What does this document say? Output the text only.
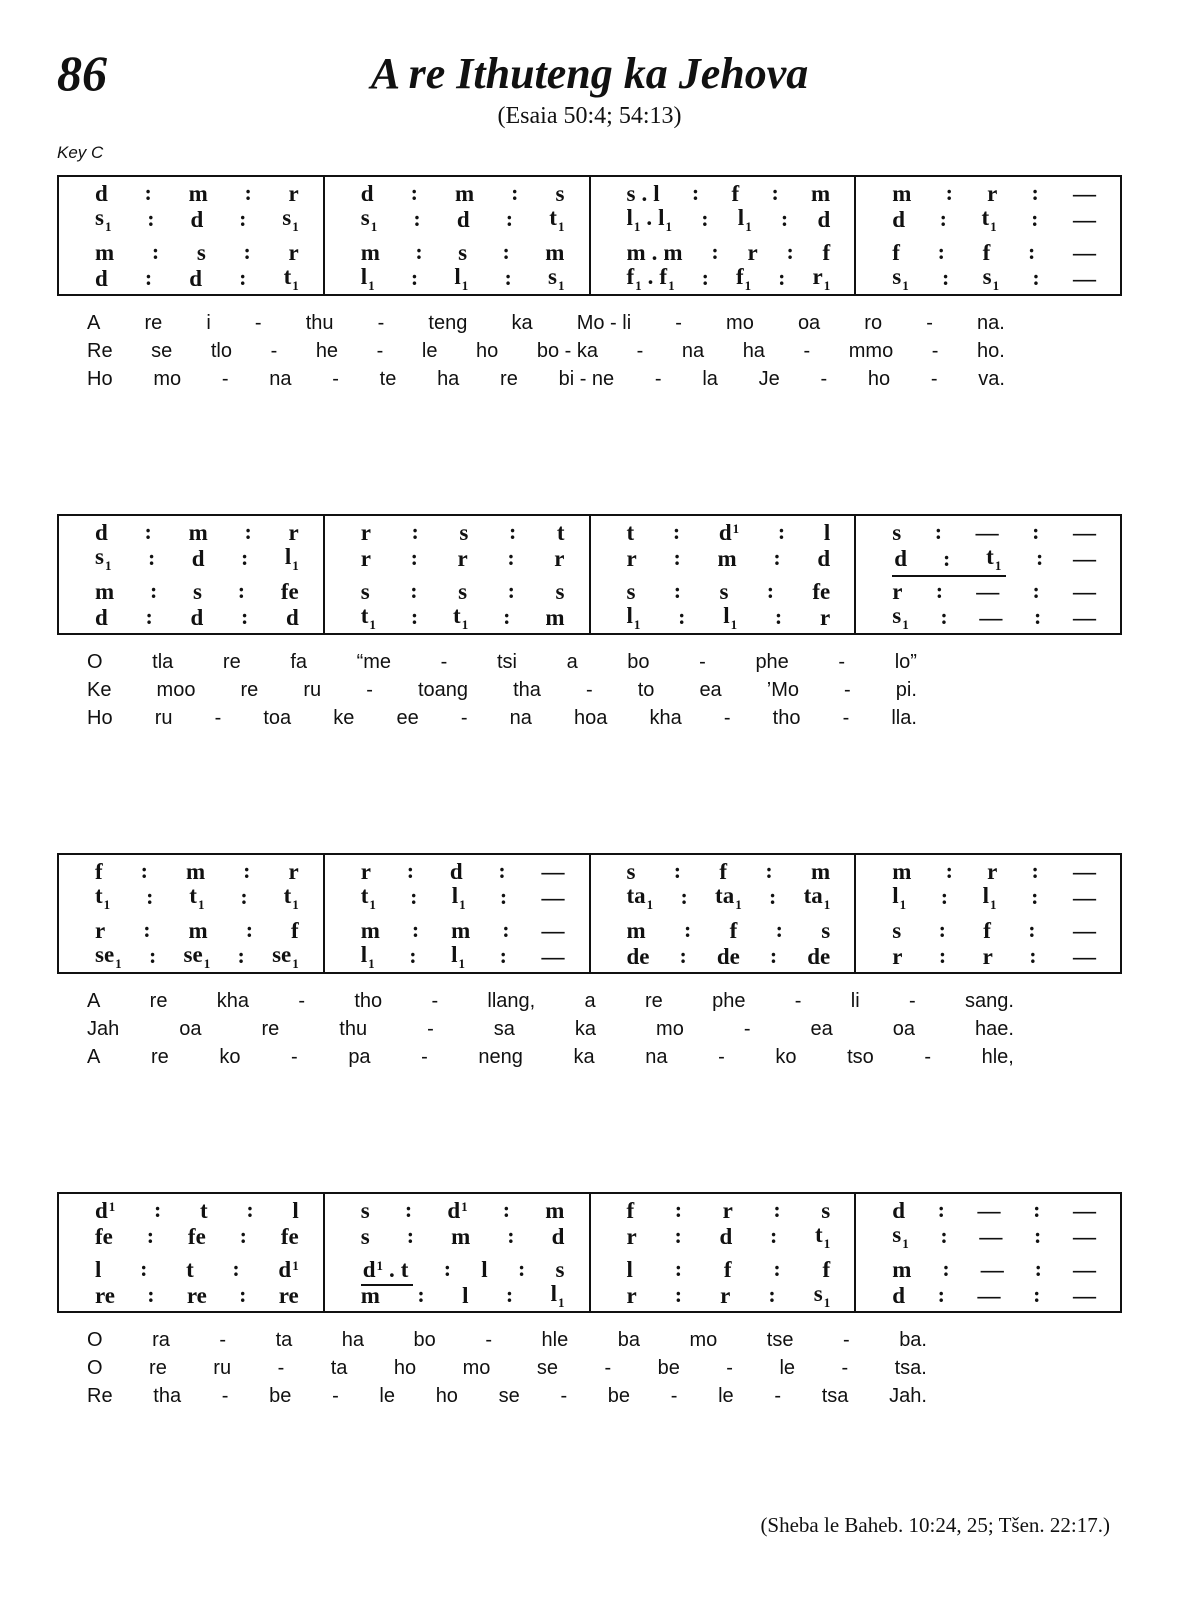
86	A re Ithuteng ka Jehova
(Esaia 50:4; 54:13)
Key C
d : m : r
$s_1$ : d : $s_1$
m : s : r
d : d : $t_1$
d : m : s
$s_1$ : d : $t_1$
m : s : m
$l_1$ : $l_1$ : $s_1$
s . l : f : m
$l_1$ . $l_1$ : $l_1$ : d
m . m : r : f
$f_1$ . $f_1$ : $f_1$ : $r_1$
m : r : —
d : $t_1$ : —
f : f : —
$s_1$ : $s_1$ : —
A re i - thu - teng ka Mo - li - mo oa ro - na.
Re se tlo - he - le ho bo - ka - na ha - mmo - ho.
Ho mo - na - te ha re bi - ne - la Je - ho - va.
d : m : r
$s_1$ : d : $l_1$
m : s : fe
d : d : d
r : s : t
r : r : r
s : s : s
$t_1$ : $t_1$ : m
t : $d^1$ : l
r : m : d
s : s : fe
$l_1$ : $l_1$ : r
s : — : —
d : $t_1$ : —
r : — : —
$s_1$ : — : —
O tla re fa “me - tsi a bo - phe - lo”
Ke moo re ru - toang tha - to ea ’Mo - pi.
Ho ru - toa ke ee - na hoa kha - tho - lla.
f : m : r
$t_1$ : $t_1$ : $t_1$
r : m : f
$se_1$ : $se_1$ : $se_1$
r : d : —
$t_1$ : $l_1$ : —
m : m : —
$l_1$ : $l_1$ : —
s : f : m
$ta_1$ : $ta_1$ : $ta_1$
m : f : s
de : de : de
m : r : —
$l_1$ : $l_1$ : —
s : f : —
r : r : —
A re kha - tho - llang, a re phe - li - sang.
Jah	oa	re	thu	-	sa	ka	mo	-	ea	oa	hae.
A	re	ko	-	pa	-	neng	ka	na	-	ko	tso	-	hle,
$d^1$ : t : l
fe : fe : fe
l : t : $d^1$
re : re : re
s : $d^1$ : m
s : m : d
$d^1$ . t : l : s
m : l : $l_1$
f : r : s
r : d : $t_1$
l : f : f
r : r : $s_1$
d : — : —
$s_1$ : — : —
m : — : —
d : — : —
O ra - ta ha bo - hle ba mo tse - ba.
O re ru - ta ho mo se - be - le - tsa.
Re tha - be - le ho se - be - le - tsa Jah.
(Sheba le Baheb. 10:24, 25; Tšen. 22:17.)
